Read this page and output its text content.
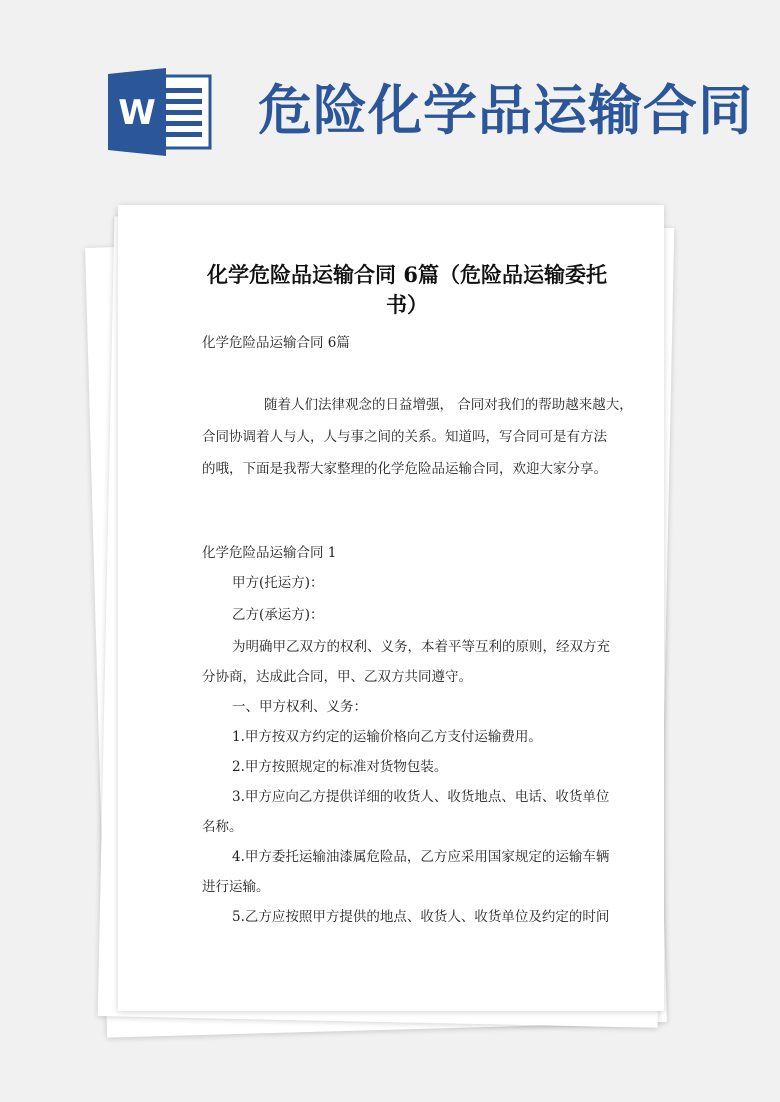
W 危险化学品运输合同
化学危险品运输合同 6篇（危险品运输委托
书）
化学危险品运输合同 6篇
随着人们法律观念的日益增强， 合同对我们的帮助越来越大，
合同协调着人与人，人与事之间的关系。知道吗，写合同可是有方法
的哦，下面是我帮大家整理的化学危险品运输合同，欢迎大家分享。
化学危险品运输合同 1
甲方(托运方)：
乙方(承运方)：
为明确甲乙双方的权利、义务，本着平等互利的原则，经双方充
分协商，达成此合同，甲、乙双方共同遵守。
一、甲方权利、义务：
1.甲方按双方约定的运输价格向乙方支付运输费用。
2.甲方按照规定的标准对货物包装。
3.甲方应向乙方提供详细的收货人、收货地点、电话、收货单位
名称。
4.甲方委托运输油漆属危险品，乙方应采用国家规定的运输车辆
进行运输。
5.乙方应按照甲方提供的地点、收货人、收货单位及约定的时间
